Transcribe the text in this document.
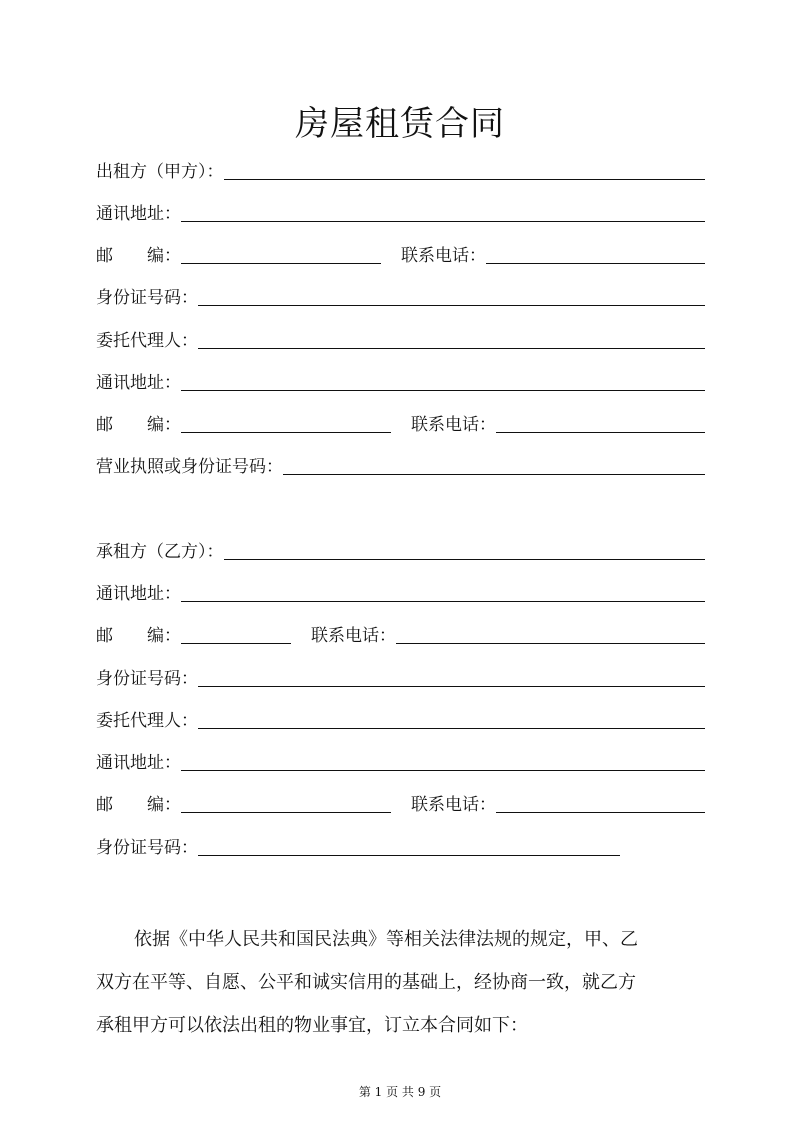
房屋租赁合同
出租方（甲方）：
通讯地址：
邮　　编：	联系电话：
身份证号码：
委托代理人：
通讯地址：
邮　　编：	联系电话：
营业执照或身份证号码：
承租方（乙方）：
通讯地址：
邮　　编：	联系电话：
身份证号码：
委托代理人：
通讯地址：
邮　　编：	联系电话：
身份证号码：
依据《中华人民共和国民法典》等相关法律法规的规定，甲、乙
双方在平等、自愿、公平和诚实信用的基础上，经协商一致，就乙方
承租甲方可以依法出租的物业事宜，订立本合同如下：
第 1 页 共 9 页
